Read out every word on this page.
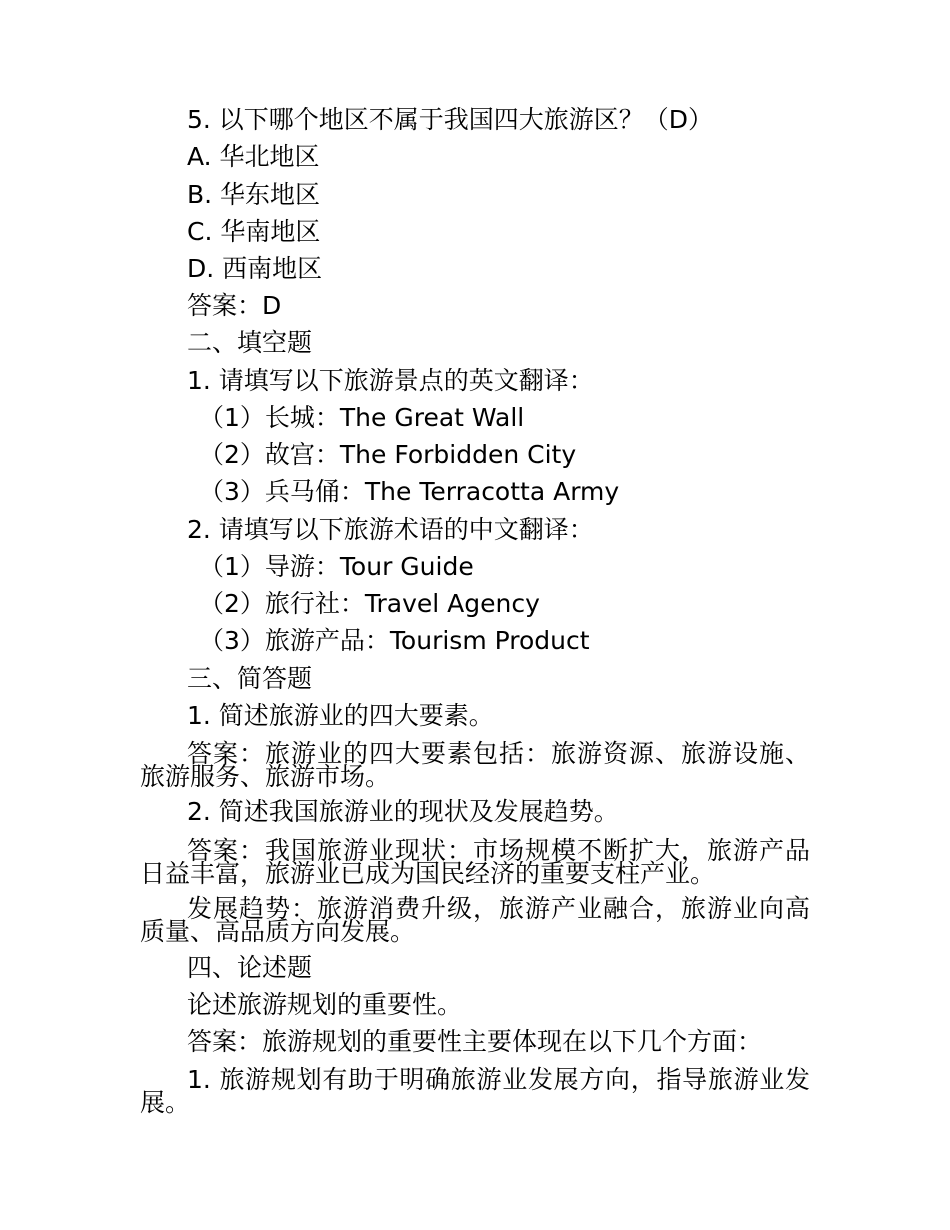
5. 以下哪个地区不属于我国四大旅游区？（D）
A. 华北地区
B. 华东地区
C. 华南地区
D. 西南地区
答案：D
二、填空题
1. 请填写以下旅游景点的英文翻译：
（1）长城：The Great Wall
（2）故宫：The Forbidden City
（3）兵马俑：The Terracotta Army
2. 请填写以下旅游术语的中文翻译：
（1）导游：Tour Guide
（2）旅行社：Travel Agency
（3）旅游产品：Tourism Product
三、简答题
1. 简述旅游业的四大要素。
答案：旅游业的四大要素包括：旅游资源、旅游设施、旅游服务、旅游市场。
2. 简述我国旅游业的现状及发展趋势。
答案：我国旅游业现状：市场规模不断扩大，旅游产品日益丰富，旅游业已成为国民经济的重要支柱产业。
发展趋势：旅游消费升级，旅游产业融合，旅游业向高质量、高品质方向发展。
四、论述题
论述旅游规划的重要性。
答案：旅游规划的重要性主要体现在以下几个方面：
1. 旅游规划有助于明确旅游业发展方向，指导旅游业发展。
